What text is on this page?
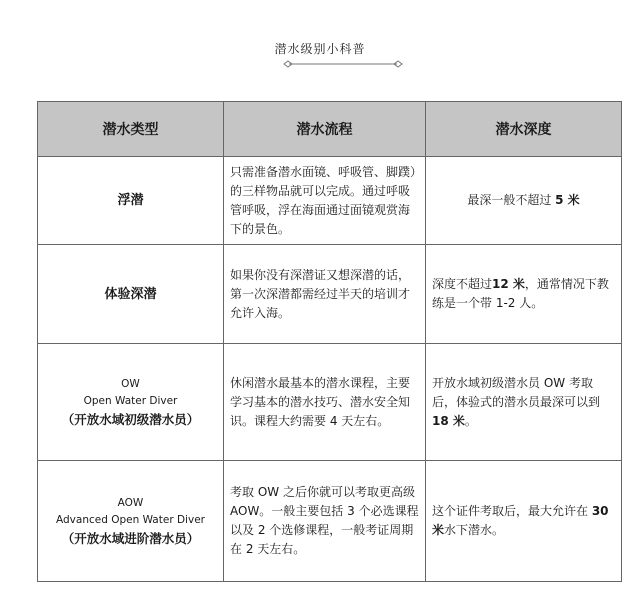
潜水级别小科普
潜水类型	潜水流程	潜水深度
浮潜	只需准备潜水面镜、呼吸管、脚蹼）的三样物品就可以完成。通过呼吸管呼吸，浮在海面通过面镜观赏海下的景色。	最深一般不超过 5 米
体验深潜	如果你没有深潜证又想深潜的话，第一次深潜都需经过半天的培训才允许入海。	深度不超过12 米，通常情况下教练是一个带 1-2 人。

OW
Open Water Diver
（开放水域初级潜水员）	休闲潜水最基本的潜水课程，主要学习基本的潜水技巧、潜水安全知识。课程大约需要 4 天左右。	开放水域初级潜水员 OW 考取后，体验式的潜水员最深可以到 18 米。

AOW
Advanced Open Water Diver
（开放水域进阶潜水员）	考取 OW 之后你就可以考取更高级 AOW。一般主要包括 3 个必选课程以及 2 个选修课程，一般考证周期在 2 天左右。	这个证件考取后，最大允许在 30 米水下潜水。
